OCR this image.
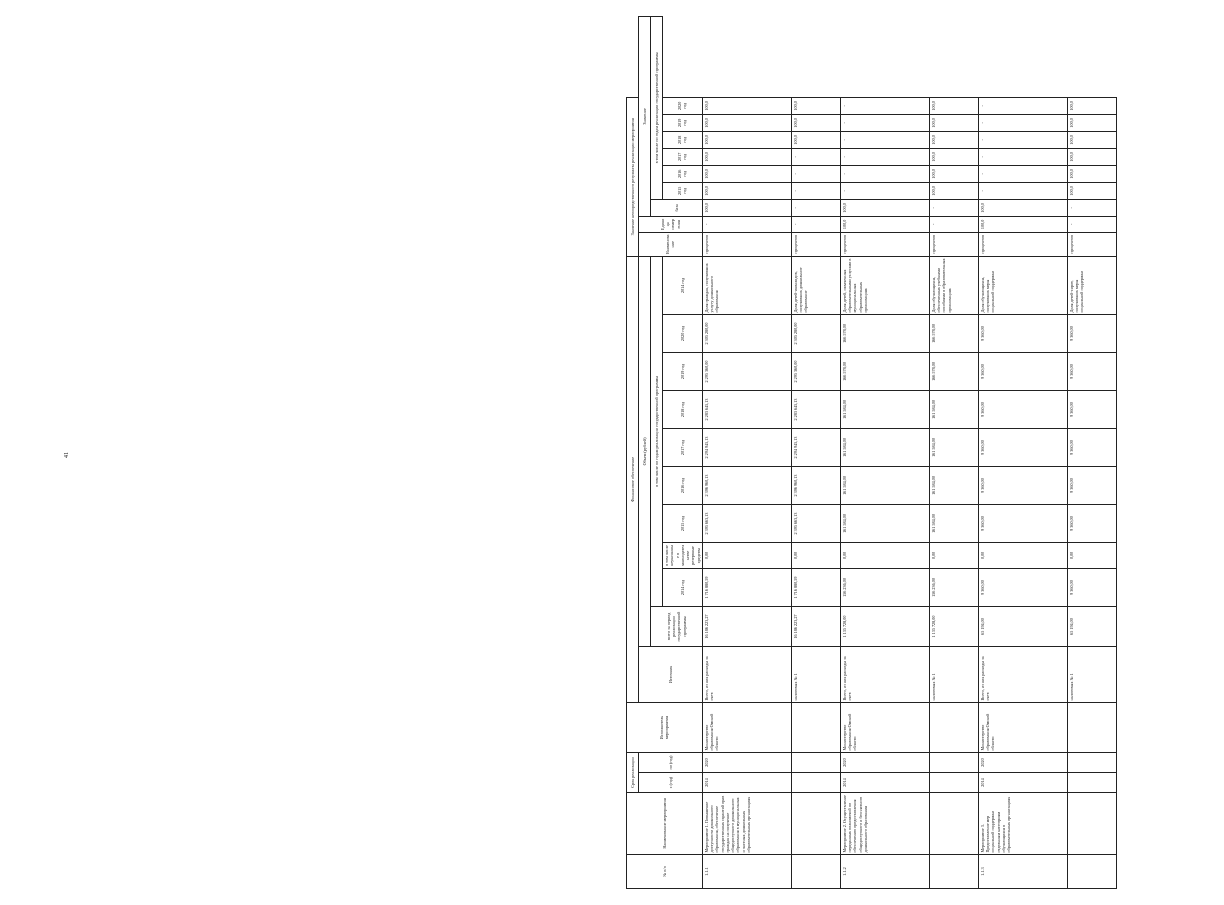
41
№ п/п	Наименование мероприятия	Срок реализации		Исполнитель мероприятия	Финансовое обеспечение											Значение непосредственного результата реализации мероприятия								
		с (год)	по (год)		Источник	Объем (рублей)										Наименование	Единица измерения	Значение						
						всего за период реализации государственной программы	в том числе по годам реализации государственной программы											база	в том числе по годам реализации государственной программы					
							2014 год	в том числе неуказанные в законодательстве резервные средства	2015 год	2016 год	2017 год	2018 год	2019 год	2020 год	2014 год				2015 год	2016 год	2017 год	2018 год	2019 год	2020 год
1.1.1	Мероприятие 1. Повышение доступности дошкольного образования, обеспечение государственных гарантий прав граждан на получение общедоступного дошкольного образования в муниципальных и частных дошкольных образовательных организациях	2014	2020	Министерство образования Омской области	Всего, из них расходы за счет:	16 186 223,27	1 716 880,59	0,00	2 395 663,13	2 396 960,13	2 294 945,13	2 283 645,13	2 295 360,00	2 305 280,00	Доля граждан, получивших услугу дошкольного образования	процентов	-	100,0	100,0	100,0	100,0	100,0	100,0	100,0
					налоговых № 1	16 186 223,27	1 716 880,59	0,00	2 395 663,13	2 396 960,13	2 294 945,13	2 283 645,13	2 295 360,00	2 305 280,00	Доля детей-инвалидов, получивших дошкольное образование	процентов	-	-	-	-	-	100,0	100,0	100,0
1.1.2	Мероприятие 2. Осуществление переданных полномочий по обеспечению предоставления общедоступного и бесплатного дошкольного образования	2014	2020	Министерство образования Омской области	Всего, из них расходы за счет:	1 135 728,00	156 236,00	0,00	161 584,00	161 584,00	161 584,00	161 584,00	166 578,00	166 578,00	Доля детей, охваченных образовательными услугами в муниципальных образовательных организациях	процентов	100,0	100,0	-	-	-	-	-	-
					налоговых № 1	1 135 728,00	156 236,00	0,00	161 584,00	161 584,00	161 584,00	161 584,00	166 578,00	166 578,00	Доля обучающихся, обеспеченных учебными пособиями в образовательных организациях	процентов	-	-	100,0	100,0	100,0	100,0	100,0	100,0
1.1.3	Мероприятие 3. Предоставление мер социальной поддержки отдельным категориям обучающихся в образовательных организациях	2014	2020	Министерство образования Омской области	Всего, из них расходы за счет:	65 194,00	9 360,00	0,00	9 360,00	9 360,00	9 360,00	9 360,00	9 360,00	9 360,00	Доля обучающихся, получивших меры социальной поддержки	процентов	100,0	100,0	-	-	-	-	-	-
					налоговых № 1	65 194,00	9 360,00	0,00	9 360,00	9 360,00	9 360,00	9 360,00	9 360,00	9 360,00	Доля детей-сирот, получивших меры социальной поддержки	процентов	-	-	100,0	100,0	100,0	100,0	100,0	100,0
